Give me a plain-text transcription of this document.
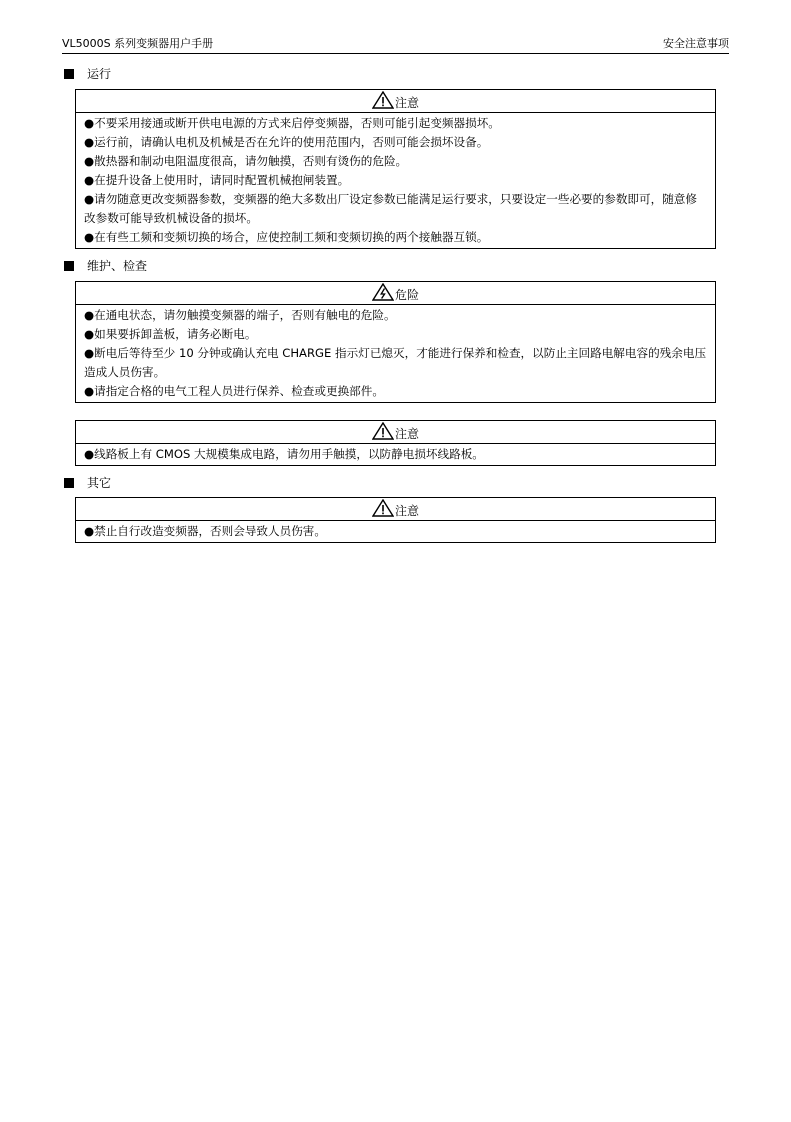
VL5000S 系列变频器用户手册	安全注意事项
运行
注意

●不要采用接通或断开供电电源的方式来启停变频器，否则可能引起变频器损坏。

●运行前，请确认电机及机械是否在允许的使用范围内，否则可能会损坏设备。

●散热器和制动电阻温度很高，请勿触摸，否则有烫伤的危险。

●在提升设备上使用时，请同时配置机械抱闸装置。

●请勿随意更改变频器参数，变频器的绝大多数出厂设定参数已能满足运行要求，只要设定一些必要的参数即可，随意修改参数可能导致机械设备的损坏。

●在有些工频和变频切换的场合，应使控制工频和变频切换的两个接触器互锁。

维护、检查
危险

●在通电状态，请勿触摸变频器的端子，否则有触电的危险。

●如果要拆卸盖板，请务必断电。

●断电后等待至少 10 分钟或确认充电 CHARGE 指示灯已熄灭，才能进行保养和检查，以防止主回路电解电容的残余电压造成人员伤害。

●请指定合格的电气工程人员进行保养、检查或更换部件。

注意

●线路板上有 CMOS 大规模集成电路，请勿用手触摸，以防静电损坏线路板。

其它
注意

●禁止自行改造变频器，否则会导致人员伤害。
